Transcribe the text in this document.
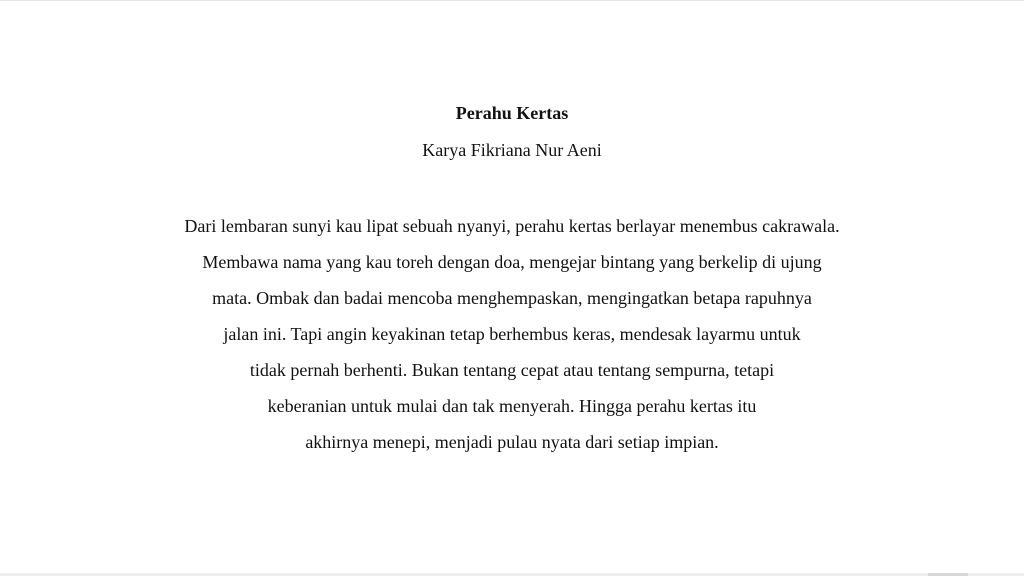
Perahu Kertas
Karya Fikriana Nur Aeni
Dari lembaran sunyi kau lipat sebuah nyanyi, perahu kertas berlayar menembus cakrawala.
Membawa nama yang kau toreh dengan doa, mengejar bintang yang berkelip di ujung
mata. Ombak dan badai mencoba menghempaskan, mengingatkan betapa rapuhnya
jalan ini. Tapi angin keyakinan tetap berhembus keras, mendesak layarmu untuk
tidak pernah berhenti. Bukan tentang cepat atau tentang sempurna, tetapi
keberanian untuk mulai dan tak menyerah. Hingga perahu kertas itu
akhirnya menepi, menjadi pulau nyata dari setiap impian.
